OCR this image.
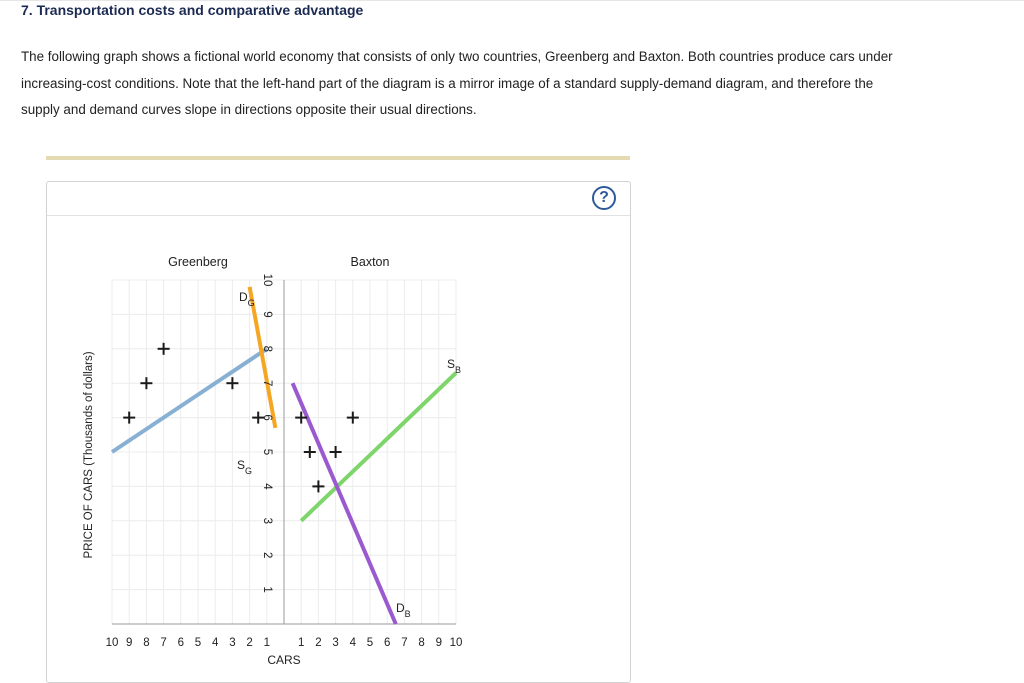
7. Transportation costs and comparative advantage
The following graph shows a fictional world economy that consists of only two countries, Greenberg and Baxton. Both countries produce cars under
increasing-cost conditions. Note that the left-hand part of the diagram is a mirror image of a standard supply-demand diagram, and therefore the
supply and demand curves slope in directions opposite their usual directions.
?
1
2
3
4
5
6
7
8
9
10
10 9 8 7 6 5 4 3 2 1 1 2 3 4 5 6 7 8 9 10
CARS
PRICE OF CARS (Thousands of dollars)
Greenberg	Baxton
$D_G$
$S_G$
$S_B$
$D_B$
